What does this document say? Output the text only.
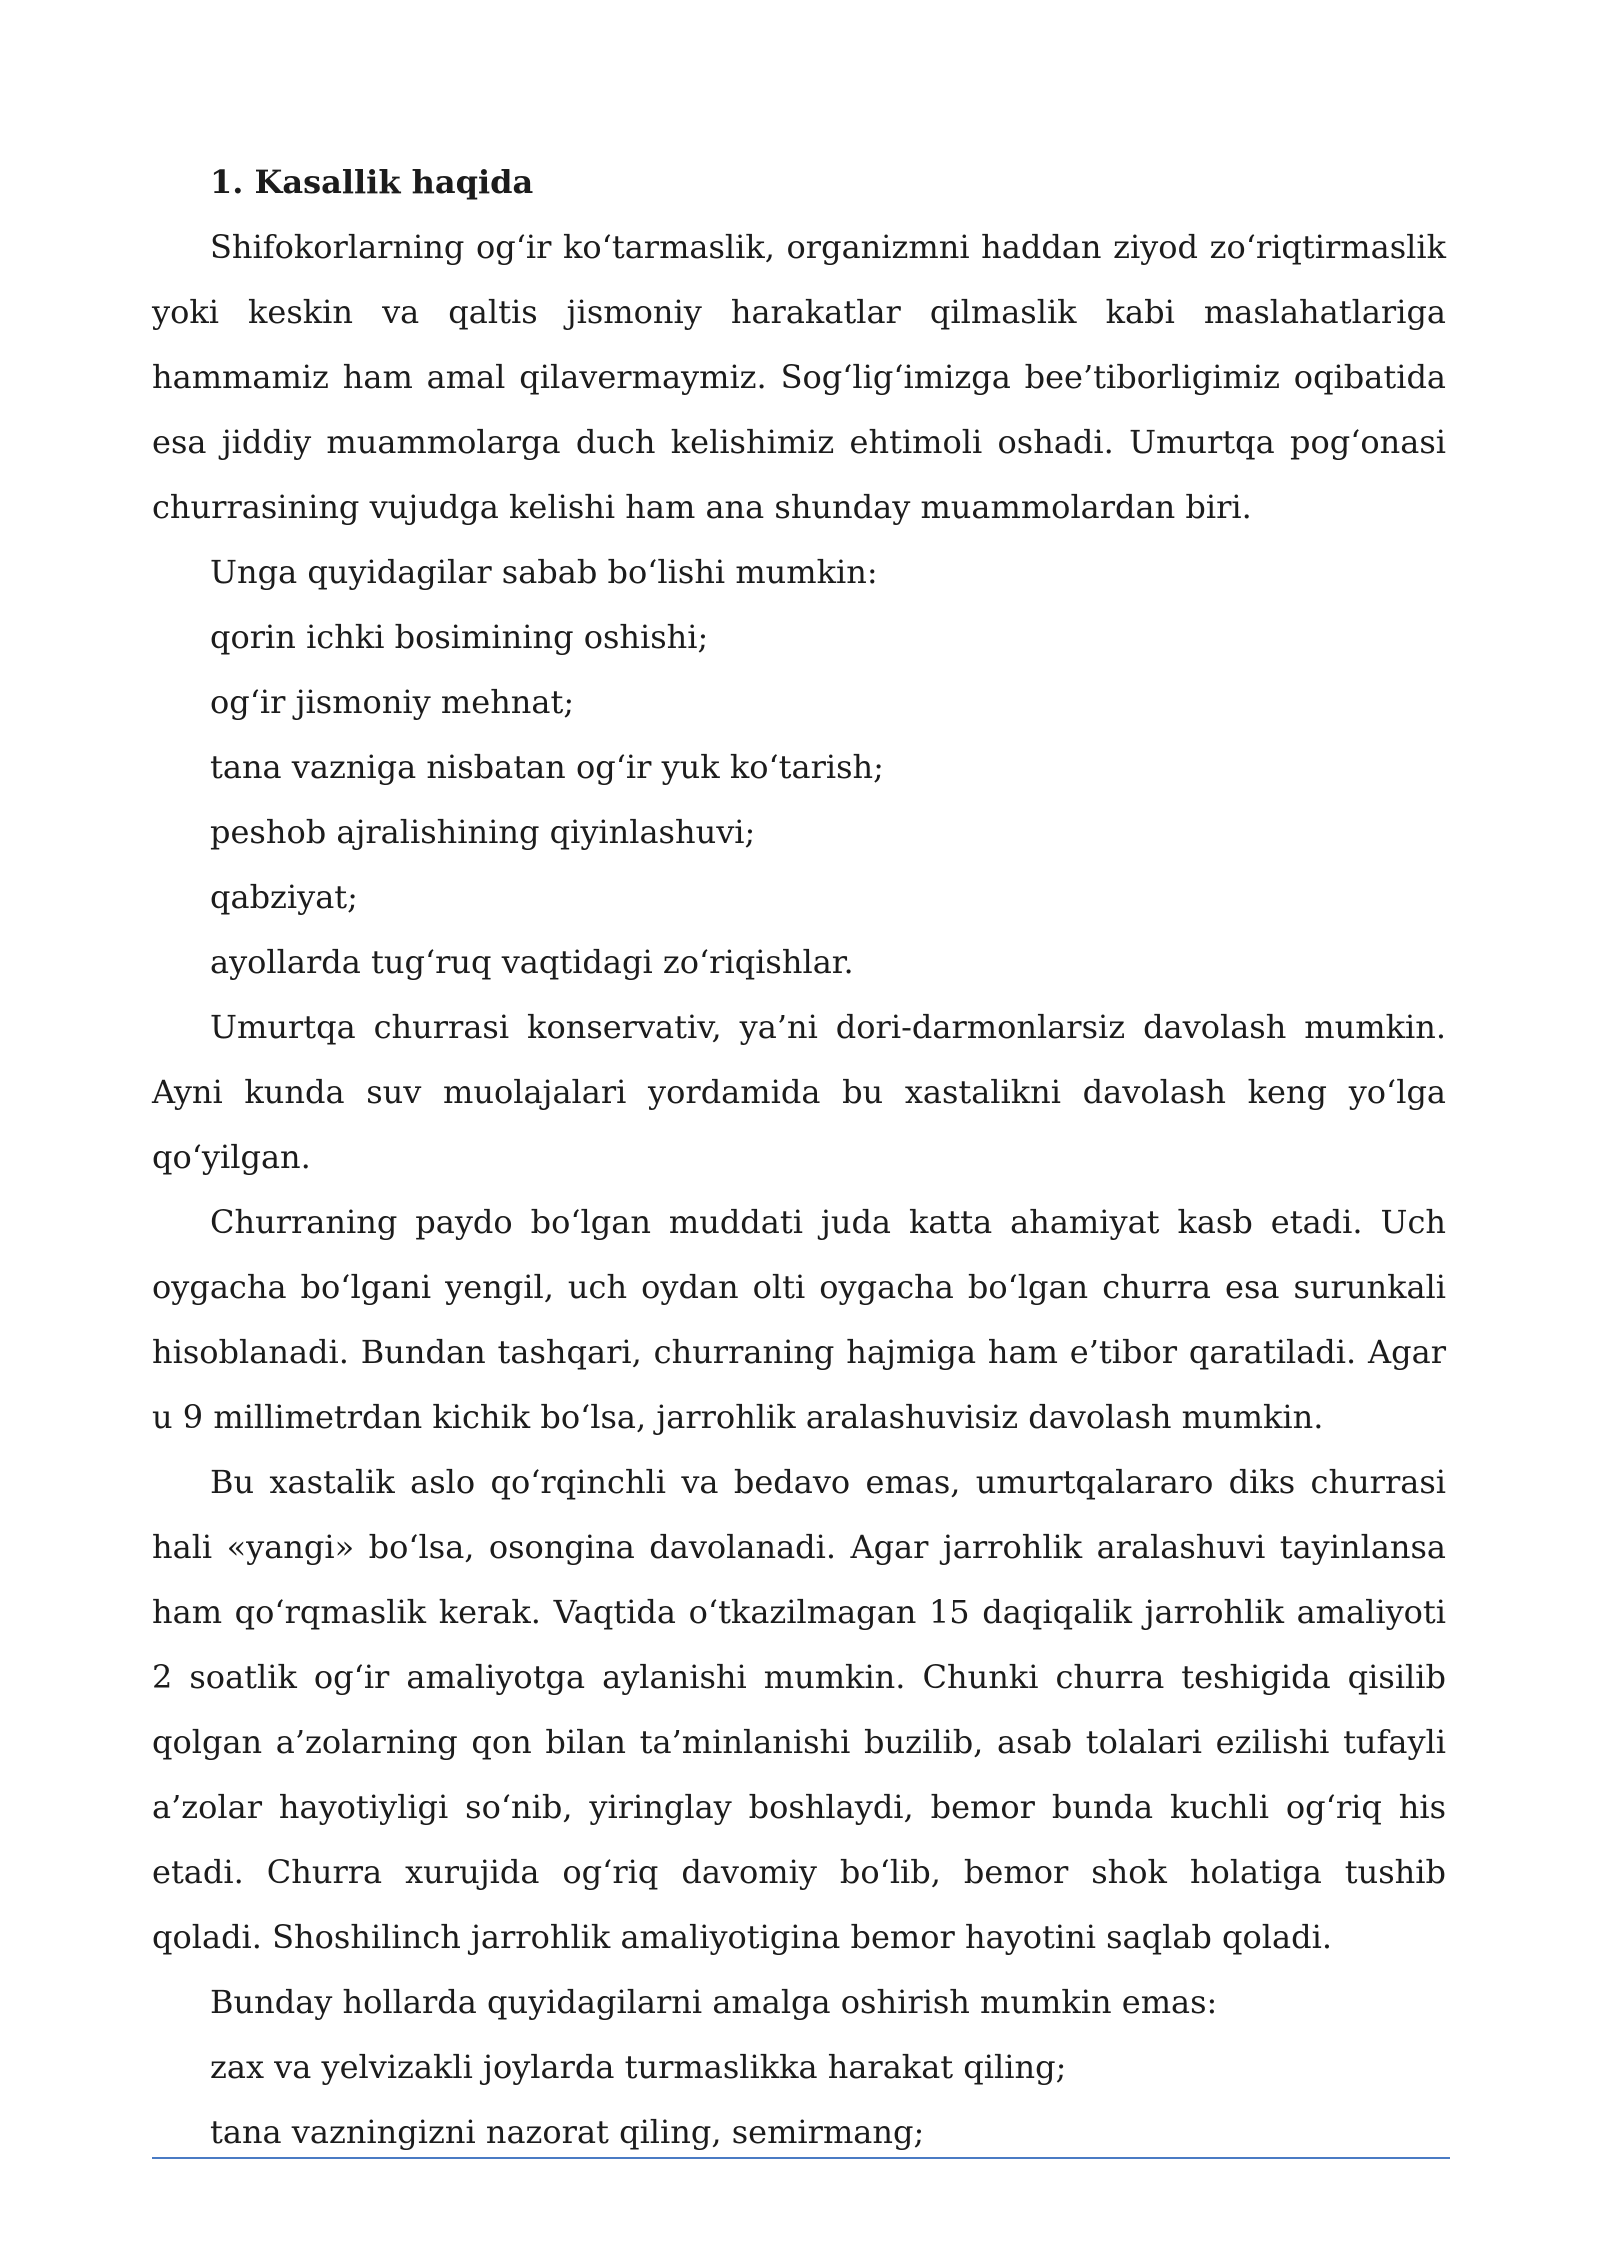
1. Kasallik haqida

Shifokorlarning og‘ir ko‘tarmaslik, organizmni haddan ziyod zo‘riqtirmaslik yoki keskin va qaltis jismoniy harakatlar qilmaslik kabi maslahatlariga hammamiz ham amal qilavermaymiz. Sog‘lig‘imizga bee’tiborligimiz oqibatida esa jiddiy muammolarga duch kelishimiz ehtimoli oshadi. Umurtqa pog‘onasi churrasining vujudga kelishi ham ana shunday muammolardan biri.

Unga quyidagilar sabab bo‘lishi mumkin:

qorin ichki bosimining oshishi;

og‘ir jismoniy mehnat;

tana vazniga nisbatan og‘ir yuk ko‘tarish;

peshob ajralishining qiyinlashuvi;

qabziyat;

ayollarda tug‘ruq vaqtidagi zo‘riqishlar.

Umurtqa churrasi konservativ, ya’ni dori-darmonlarsiz davolash mumkin. Ayni kunda suv muolajalari yordamida bu xastalikni davolash keng yo‘lga qo‘yilgan.

Churraning paydo bo‘lgan muddati juda katta ahamiyat kasb etadi. Uch oygacha bo‘lgani yengil, uch oydan olti oygacha bo‘lgan churra esa surunkali hisoblanadi. Bundan tashqari, churraning hajmiga ham e’tibor qaratiladi. Agar u 9 millimetrdan kichik bo‘lsa, jarrohlik aralashuvisiz davolash mumkin.

Bu xastalik aslo qo‘rqinchli va bedavo emas, umurtqalararo diks churrasi hali «yangi» bo‘lsa, osongina davolanadi. Agar jarrohlik aralashuvi tayinlansa ham qo‘rqmaslik kerak. Vaqtida o‘tkazilmagan 15 daqiqalik jarrohlik amaliyoti 2 soatlik og‘ir amaliyotga aylanishi mumkin. Chunki churra teshigida qisilib qolgan a’zolarning qon bilan ta’minlanishi buzilib, asab tolalari ezilishi tufayli a’zolar hayotiyligi so‘nib, yiringlay boshlaydi, bemor bunda kuchli og‘riq his etadi. Churra xurujida og‘riq davomiy bo‘lib, bemor shok holatiga tushib qoladi. Shoshilinch jarrohlik amaliyotigina bemor hayotini saqlab qoladi.

Bunday hollarda quyidagilarni amalga oshirish mumkin emas:

zax va yelvizakli joylarda turmaslikka harakat qiling;

tana vazningizni nazorat qiling, semirmang;
